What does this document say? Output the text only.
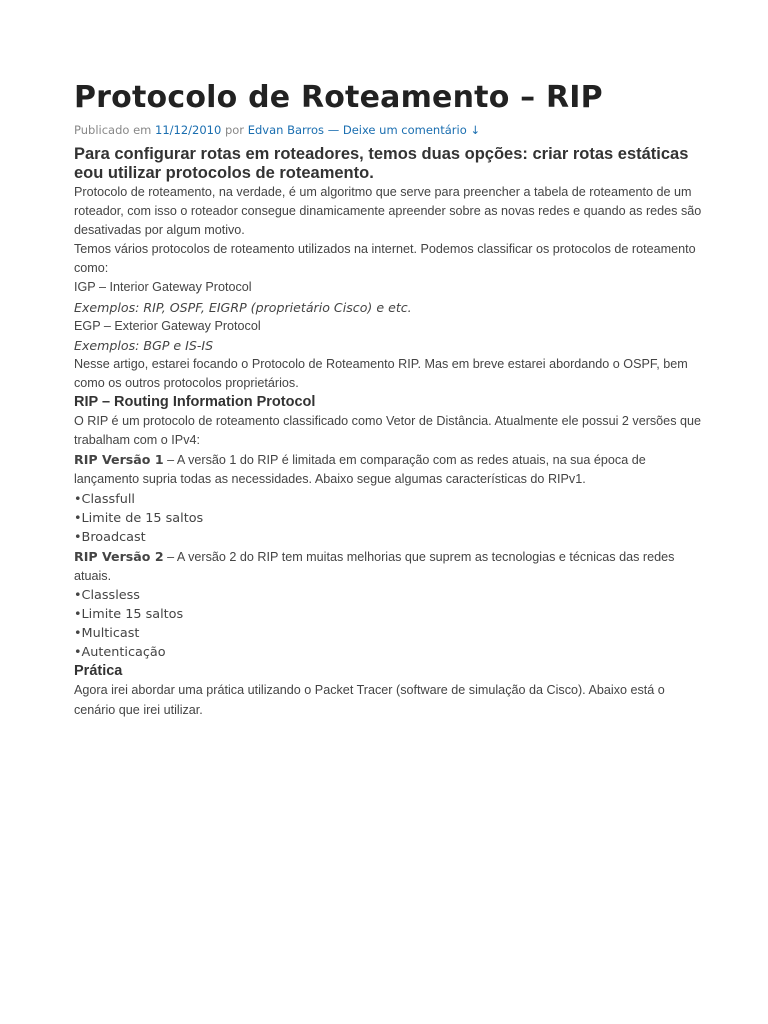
Protocolo de Roteamento – RIP
Publicado em 11/12/2010 por Edvan Barros — Deixe um comentário ↓
Para configurar rotas em roteadores, temos duas opções: criar rotas estáticas eou utilizar protocolos de roteamento.

Protocolo de roteamento, na verdade, é um algoritmo que serve para preencher a tabela de roteamento de um roteador, com isso o roteador consegue dinamicamente apreender sobre as novas redes e quando as redes são desativadas por algum motivo.

Temos vários protocolos de roteamento utilizados na internet. Podemos classificar os protocolos de roteamento como:

IGP – Interior Gateway Protocol

Exemplos: RIP, OSPF, EIGRP (proprietário Cisco) e etc.

EGP – Exterior Gateway Protocol

Exemplos: BGP e IS-IS

Nesse artigo, estarei focando o Protocolo de Roteamento RIP. Mas em breve estarei abordando o OSPF, bem como os outros protocolos proprietários.

RIP – Routing Information Protocol

O RIP é um protocolo de roteamento classificado como Vetor de Distância. Atualmente ele possui 2 versões que trabalham com o IPv4:

RIP Versão 1 – A versão 1 do RIP é limitada em comparação com as redes atuais, na sua época de lançamento supria todas as necessidades. Abaixo segue algumas características do RIPv1.

•Classfull
•Limite de 15 saltos
•Broadcast

RIP Versão 2 – A versão 2 do RIP tem muitas melhorias que suprem as tecnologias e técnicas das redes atuais.

•Classless
•Limite 15 saltos
•Multicast
•Autenticação
Prática

Agora irei abordar uma prática utilizando o Packet Tracer (software de simulação da Cisco). Abaixo está o cenário que irei utilizar.
